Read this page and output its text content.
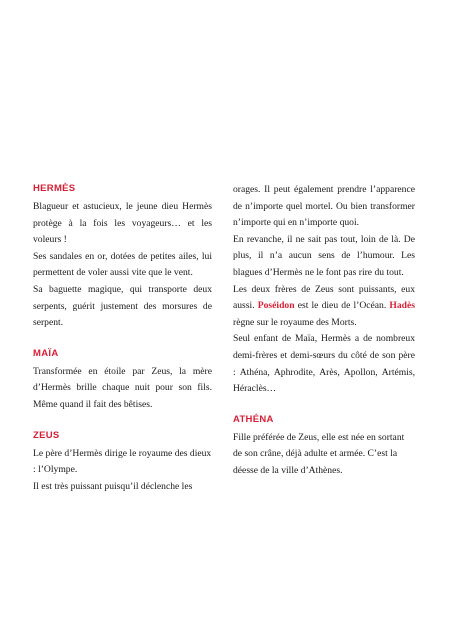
HERMÈS

Blagueur et astucieux, le jeune dieu Hermès protège à la fois les voyageurs… et les voleurs !

Ses sandales en or, dotées de petites ailes, lui permettent de voler aussi vite que le vent.

Sa baguette magique, qui transporte deux serpents, guérit justement des morsures de serpent.

MAÏA

Transformée en étoile par Zeus, la mère d’Hermès brille chaque nuit pour son fils. Même quand il fait des bêtises.

ZEUS

Le père d’Hermès dirige le royaume des dieux : l’Olympe.

Il est très puissant puisqu’il déclenche les

orages. Il peut également prendre l’apparence de n’importe quel mortel. Ou bien transformer n’importe qui en n’importe quoi.

En revanche, il ne sait pas tout, loin de là. De plus, il n’a aucun sens de l’humour. Les blagues d’Hermès ne le font pas rire du tout.

Les deux frères de Zeus sont puissants, eux aussi. Poséidon est le dieu de l’Océan. Hadès règne sur le royaume des Morts.

Seul enfant de Maïa, Hermès a de nombreux demi-frères et demi-sœurs du côté de son père : Athéna, Aphrodite, Arès, Apollon, Artémis, Héraclès…

ATHÉNA

Fille préférée de Zeus, elle est née en sortant de son crâne, déjà adulte et armée. C’est la déesse de la ville d’Athènes.
